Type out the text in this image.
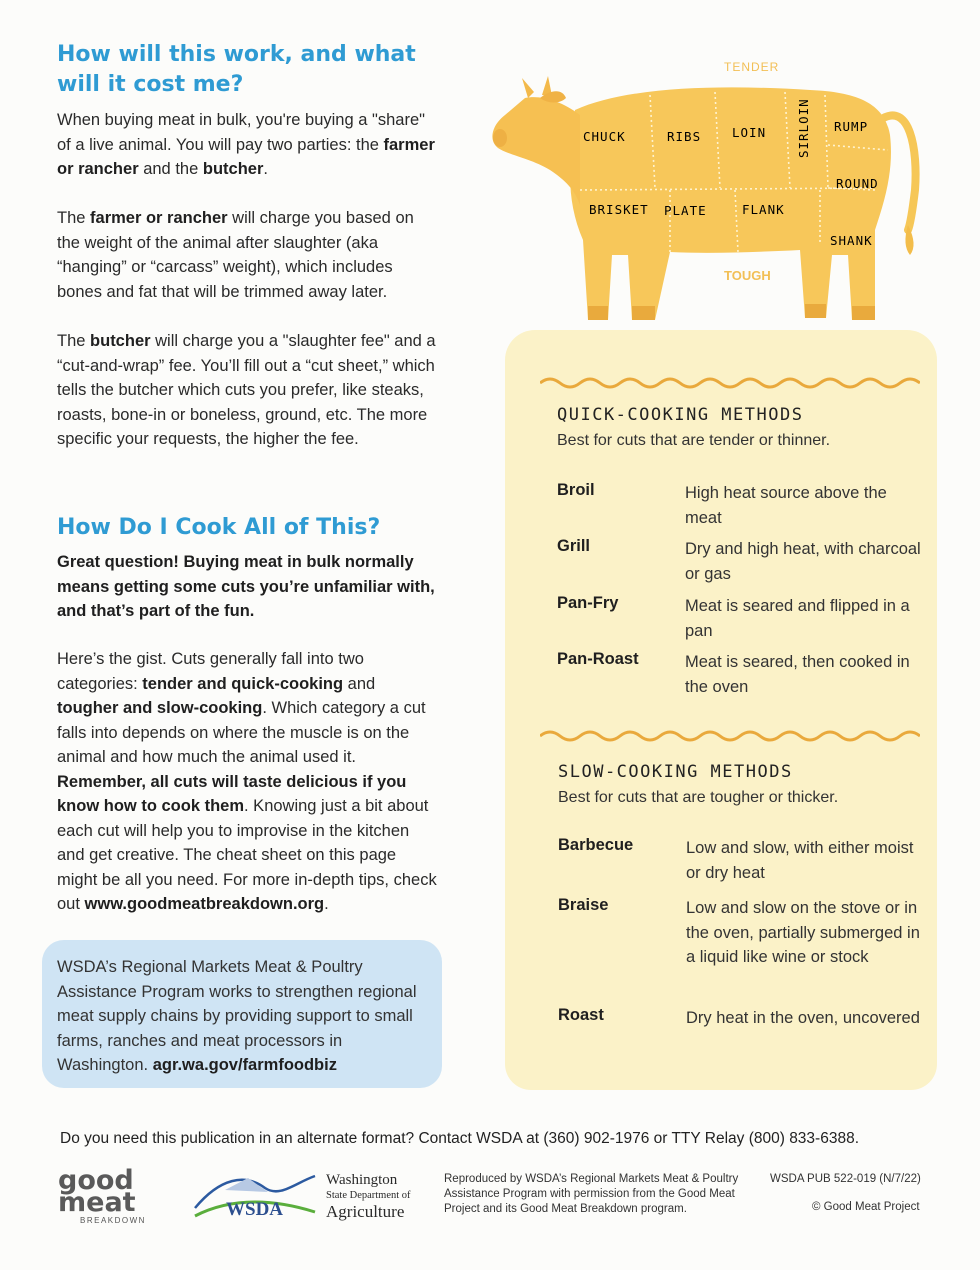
How will this work, and what
will it cost me?

When buying meat in bulk, you're buying a "share" of a live animal. You will pay two parties: the farmer or rancher and the butcher.

The farmer or rancher will charge you based on the weight of the animal after slaughter (aka “hanging” or “carcass” weight), which includes bones and fat that will be trimmed away later.

The butcher will charge you a "slaughter fee" and a “cut-and-wrap” fee. You’ll fill out a “cut sheet,” which tells the butcher which cuts you prefer, like steaks, roasts, bone-in or boneless, ground, etc. The more specific your requests, the higher the fee.

How Do I Cook All of This?

Great question! Buying meat in bulk normally means getting some cuts you’re unfamiliar with, and that’s part of the fun.

Here’s the gist. Cuts generally fall into two categories: tender and quick-cooking and tougher and slow-cooking. Which category a cut falls into depends on where the muscle is on the animal and how much the animal used it. Remember, all cuts will taste delicious if you know how to cook them. Knowing just a bit about each cut will help you to improvise in the kitchen and get creative. The cheat sheet on this page might be all you need. For more in-depth tips, check out www.goodmeatbreakdown.org.

WSDA’s Regional Markets Meat & Poultry Assistance Program works to strengthen regional meat supply chains by providing support to small farms, ranches and meat processors in Washington. agr.wa.gov/farmfoodbiz

TENDER
TOUGH
CHUCK	RIBS LOIN SIRLOIN RUMP
ROUND
BRISKET PLATE	FLANK
SHANK
QUICK-COOKING METHODS
Best for cuts that are tender or thinner.
Broil	High heat source above the meat
Grill	Dry and high heat, with charcoal or gas
Pan-Fry	Meat is seared and flipped in a pan
Pan-Roast	Meat is seared, then cooked in the oven
SLOW-COOKING METHODS
Best for cuts that are tougher or thicker.
Barbecue	Low and slow, with either moist or dry heat
Braise	Low and slow on the stove or in the oven, partially submerged in a liquid like wine or stock
Roast	Dry heat in the oven, uncovered
Do you need this publication in an alternate format? Contact WSDA at (360) 902-1976 or TTY Relay (800) 833-6388.
good
meat
BREAKDOWN
WSDA
Washington
State Department of
Agriculture
Reproduced by WSDA’s Regional Markets Meat & Poultry Assistance Program with permission from the Good Meat Project and its Good Meat Breakdown program.
WSDA PUB 522-019 (N/7/22)
© Good Meat Project
